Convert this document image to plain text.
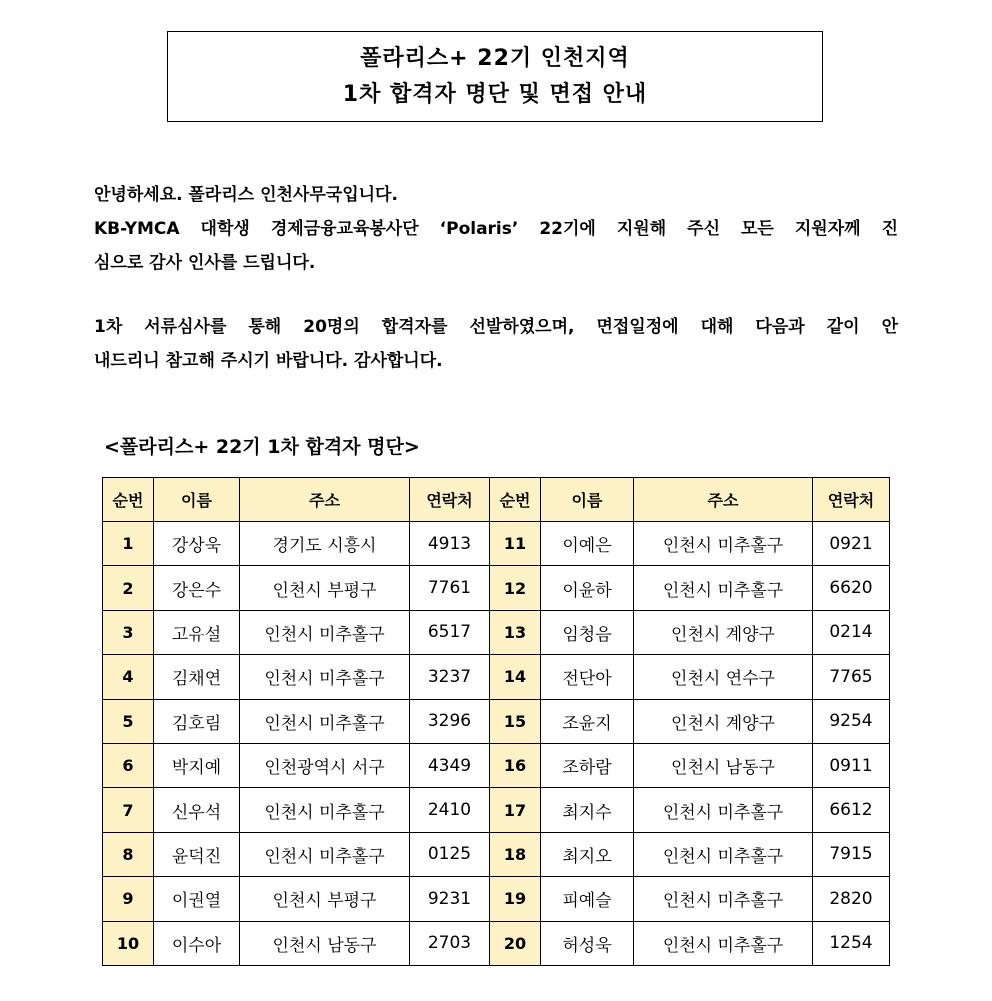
폴라리스+ 22기 인천지역
1차 합격자 명단 및 면접 안내
안녕하세요. 폴라리스 인천사무국입니다.
KB-YMCA 대학생 경제금융교육봉사단 ‘Polaris’ 22기에 지원해 주신 모든 지원자께 진
심으로 감사 인사를 드립니다.
1차 서류심사를 통해 20명의 합격자를 선발하였으며, 면접일정에 대해 다음과 같이 안
내드리니 참고해 주시기 바랍니다. 감사합니다.
<폴라리스+ 22기 1차 합격자 명단>
순번	이름	주소	연락처	순번	이름	주소	연락처
1	강상욱	경기도 시흥시	4913	11	이예은	인천시 미추홀구	0921
2	강은수	인천시 부평구	7761	12	이윤하	인천시 미추홀구	6620
3	고유설	인천시 미추홀구	6517	13	임청음	인천시 계양구	0214
4	김채연	인천시 미추홀구	3237	14	전단아	인천시 연수구	7765
5	김호림	인천시 미추홀구	3296	15	조윤지	인천시 계양구	9254
6	박지예	인천광역시 서구	4349	16	조하람	인천시 남동구	0911
7	신우석	인천시 미추홀구	2410	17	최지수	인천시 미추홀구	6612
8	윤덕진	인천시 미추홀구	0125	18	최지오	인천시 미추홀구	7915
9	이권열	인천시 부평구	9231	19	피예슬	인천시 미추홀구	2820
10	이수아	인천시 남동구	2703	20	허성욱	인천시 미추홀구	1254
